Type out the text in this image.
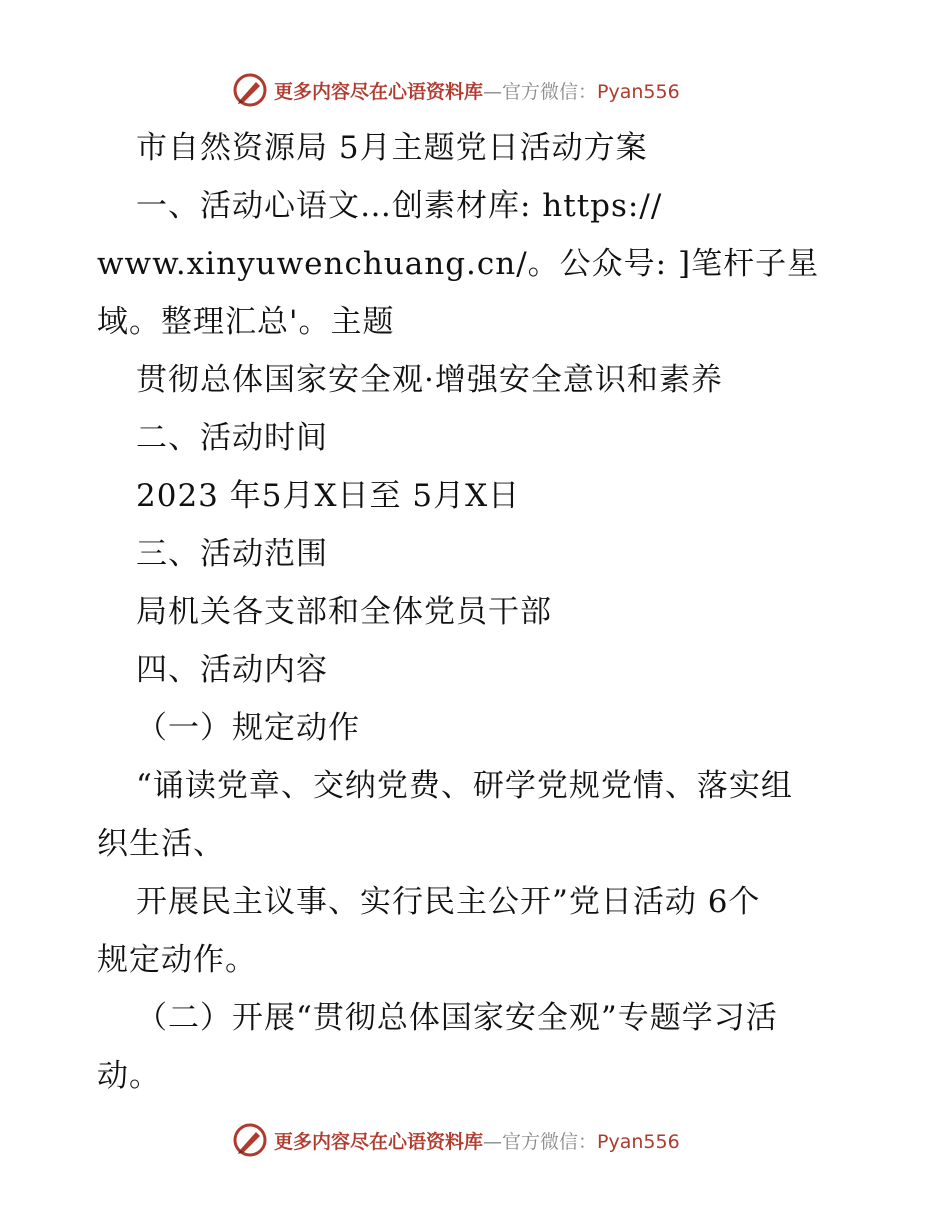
更多内容尽在心语资料库—官方微信：Pyan556
市自然资源局 5月主题党日活动方案
一、活动心语文…创素材库: https://
www.xinyuwenchuang.cn/。公众号: ]笔杆子星
域。整理汇总'。主题
贯彻总体国家安全观·增强安全意识和素养
二、活动时间
2023 年5月X日至 5月X日
三、活动范围
局机关各支部和全体党员干部
四、活动内容
（一）规定动作
“诵读党章、交纳党费、研学党规党情、落实组
织生活、
开展民主议事、实行民主公开”党日活动 6个
规定动作。
（二）开展“贯彻总体国家安全观”专题学习活
动。
更多内容尽在心语资料库—官方微信：Pyan556
